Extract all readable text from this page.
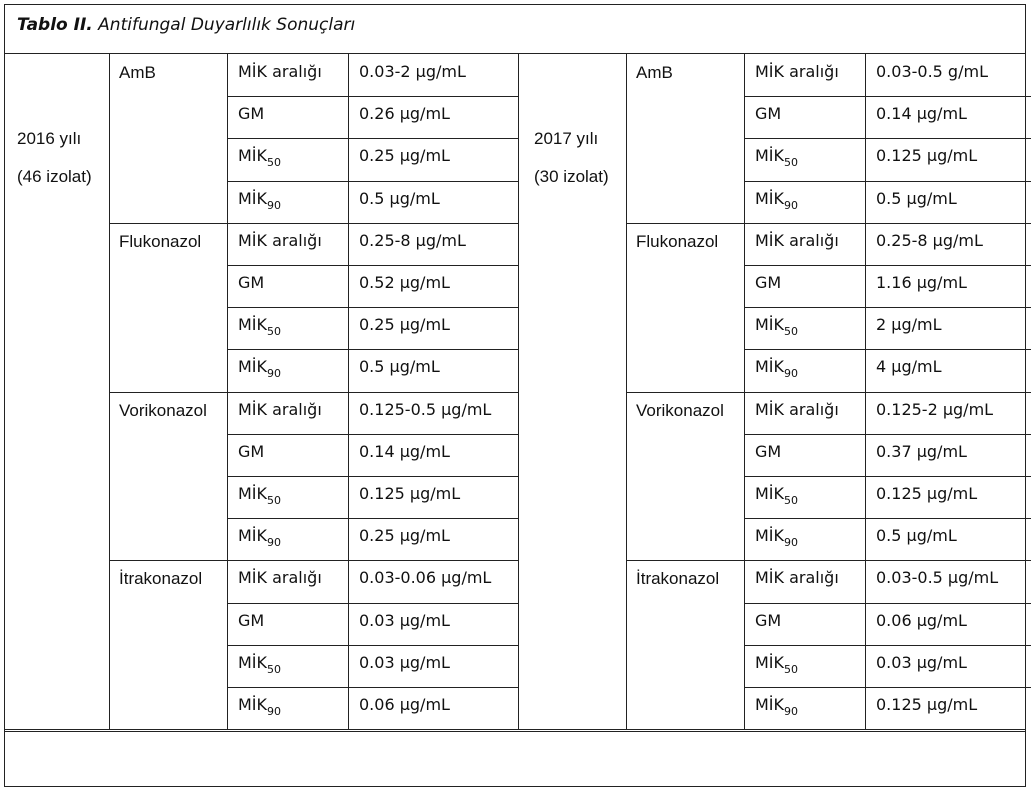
Tablo II. Antifungal Duyarlılık Sonuçları
2016 yılı
(46 izolat)
AmB	MİK aralığı	0.03-2 µg/mL
GM	0.26 µg/mL
$MİK_{50}$	0.25 µg/mL
$MİK_{90}$	0.5 µg/mL
Flukonazol	MİK aralığı	0.25-8 µg/mL
GM	0.52 µg/mL
$MİK_{50}$	0.25 µg/mL
$MİK_{90}$	0.5 µg/mL
Vorikonazol	MİK aralığı	0.125-0.5 µg/mL
GM	0.14 µg/mL
$MİK_{50}$	0.125 µg/mL
$MİK_{90}$	0.25 µg/mL
İtrakonazol	MİK aralığı	0.03-0.06 µg/mL
GM	0.03 µg/mL
$MİK_{50}$	0.03 µg/mL
$MİK_{90}$	0.06 µg/mL
2017 yılı
(30 izolat)
AmB	MİK aralığı	0.03-0.5 g/mL
GM	0.14 µg/mL
$MİK_{50}$	0.125 µg/mL
$MİK_{90}$	0.5 µg/mL
Flukonazol	MİK aralığı	0.25-8 µg/mL
GM	1.16 µg/mL
$MİK_{50}$	2 µg/mL
$MİK_{90}$	4 µg/mL
Vorikonazol	MİK aralığı	0.125-2 µg/mL
GM	0.37 µg/mL
$MİK_{50}$	0.125 µg/mL
$MİK_{90}$	0.5 µg/mL
İtrakonazol	MİK aralığı	0.03-0.5 µg/mL
GM	0.06 µg/mL
$MİK_{50}$	0.03 µg/mL
$MİK_{90}$	0.125 µg/mL
